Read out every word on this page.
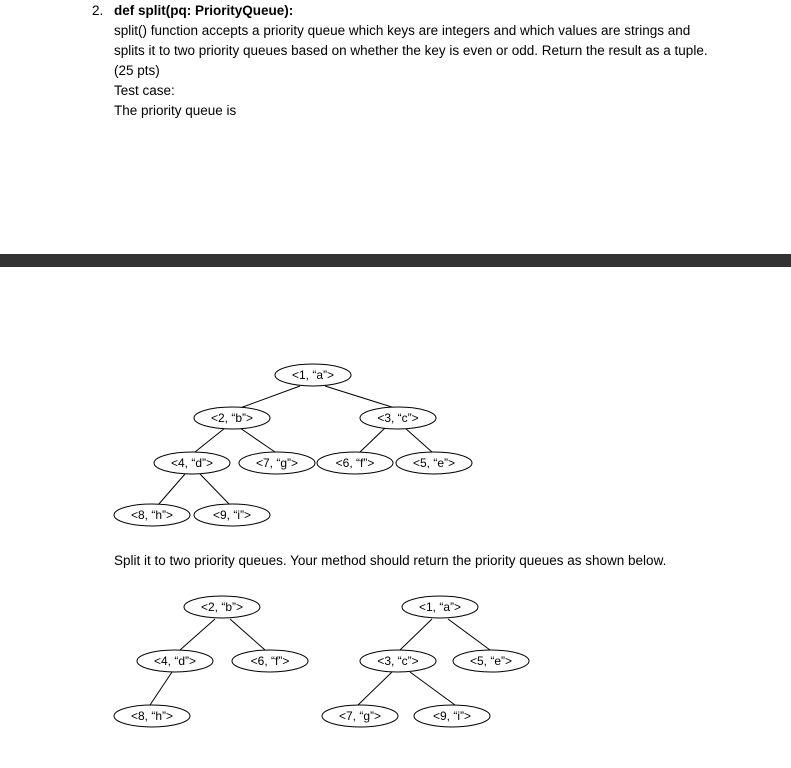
2. def split(pq: PriorityQueue):
split() function accepts a priority queue which keys are integers and which values are strings and
splits it to two priority queues based on whether the key is even or odd. Return the result as a tuple.
(25 pts)
Test case:
The priority queue is
Split it to two priority queues. Your method should return the priority queues as shown below.
<1, “a”>
<2, “b”>	<3, “c”>
<4, “d”>	<7, “g”>	<6, “f”>	<5, “e”>
<8, “h”>	<9, “i”>
<2, “b”>
<4, “d”>	<6, “f”>
<8, “h”>
<1, “a”>
<3, “c”>	<5, “e”>
<7, “g”>	<9, “i”>
